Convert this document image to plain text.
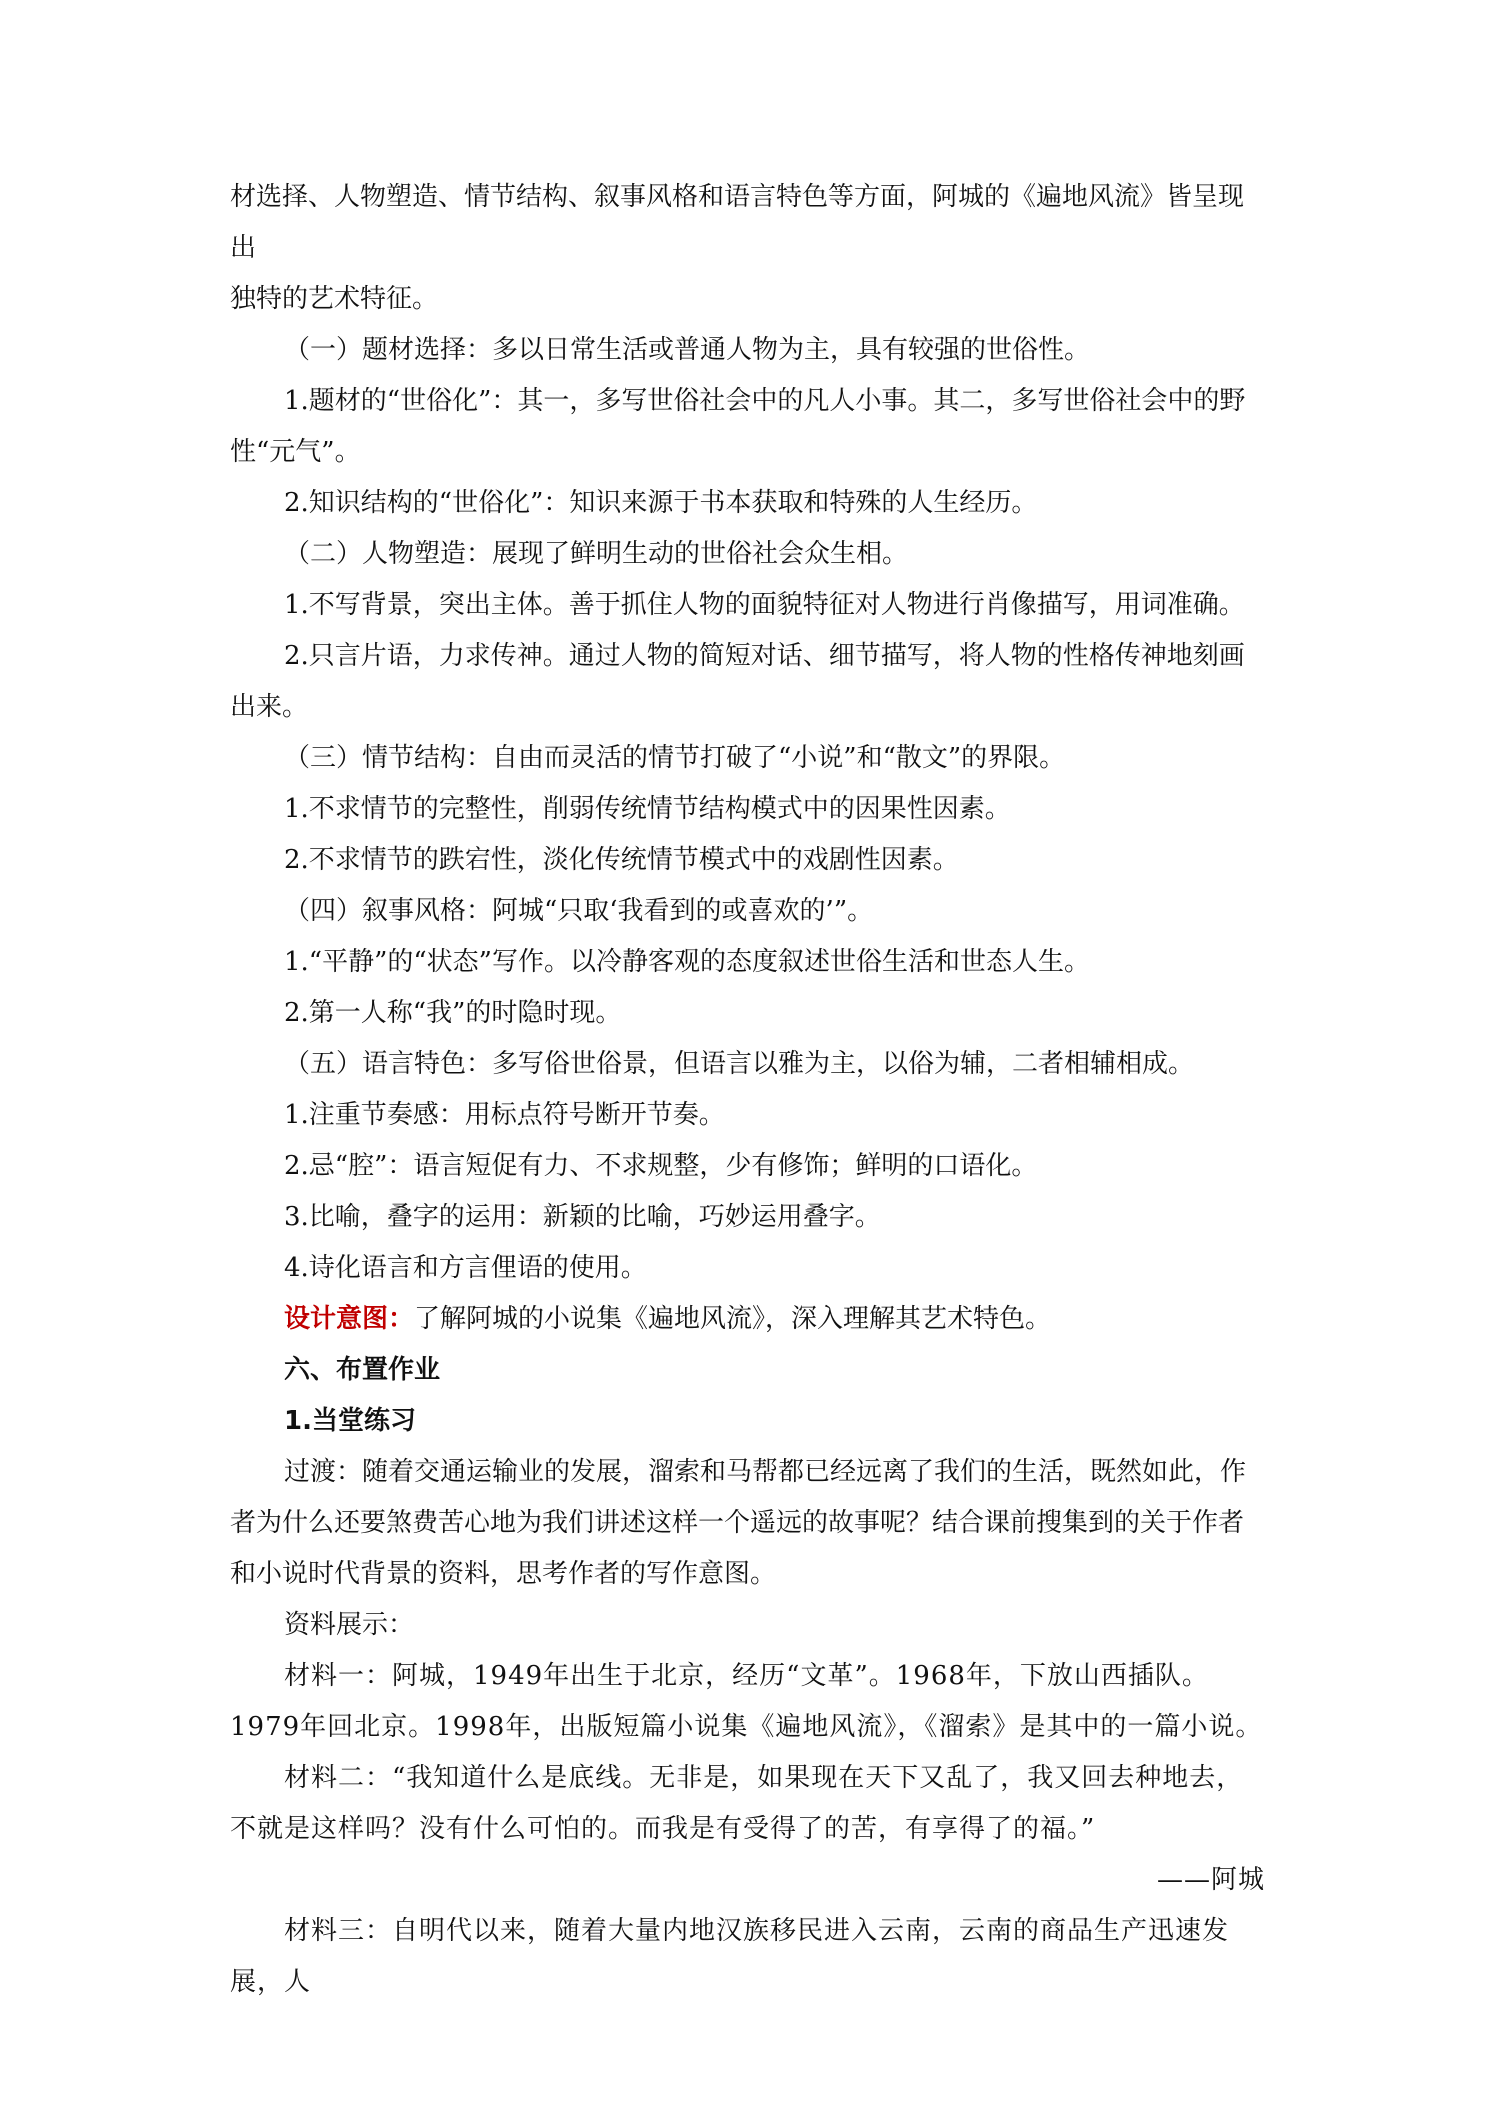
材选择、人物塑造、情节结构、叙事风格和语言特色等方面，阿城的《遍地风流》皆呈现出

独特的艺术特征。

（一）题材选择：多以日常生活或普通人物为主，具有较强的世俗性。

1.题材的“世俗化”：其一，多写世俗社会中的凡人小事。其二，多写世俗社会中的野性“元气”。

2.知识结构的“世俗化”：知识来源于书本获取和特殊的人生经历。

（二）人物塑造：展现了鲜明生动的世俗社会众生相。

1.不写背景，突出主体。善于抓住人物的面貌特征对人物进行肖像描写，用词准确。

2.只言片语，力求传神。通过人物的简短对话、细节描写，将人物的性格传神地刻画出来。

（三）情节结构：自由而灵活的情节打破了“小说”和“散文”的界限。

1.不求情节的完整性，削弱传统情节结构模式中的因果性因素。

2.不求情节的跌宕性，淡化传统情节模式中的戏剧性因素。

（四）叙事风格：阿城“只取‘我看到的或喜欢的’”。

1.“平静”的“状态”写作。以冷静客观的态度叙述世俗生活和世态人生。

2.第一人称“我”的时隐时现。

（五）语言特色：多写俗世俗景，但语言以雅为主，以俗为辅，二者相辅相成。

1.注重节奏感：用标点符号断开节奏。

2.忌“腔”：语言短促有力、不求规整，少有修饰；鲜明的口语化。

3.比喻，叠字的运用：新颖的比喻，巧妙运用叠字。

4.诗化语言和方言俚语的使用。

设计意图：了解阿城的小说集《遍地风流》，深入理解其艺术特色。

六、布置作业

1.当堂练习

过渡：随着交通运输业的发展，溜索和马帮都已经远离了我们的生活，既然如此，作者为什么还要煞费苦心地为我们讲述这样一个遥远的故事呢？结合课前搜集到的关于作者和小说时代背景的资料，思考作者的写作意图。

资料展示：

材料一：阿城，1949年出生于北京，经历“文革”。1968年，下放山西插队。1979年回北京。1998年，出版短篇小说集《遍地风流》，《溜索》是其中的一篇小说。

材料二：“我知道什么是底线。无非是，如果现在天下又乱了，我又回去种地去，不就是这样吗？没有什么可怕的。而我是有受得了的苦，有享得了的福。”

——阿城

材料三：自明代以来，随着大量内地汉族移民进入云南，云南的商品生产迅速发展，人
